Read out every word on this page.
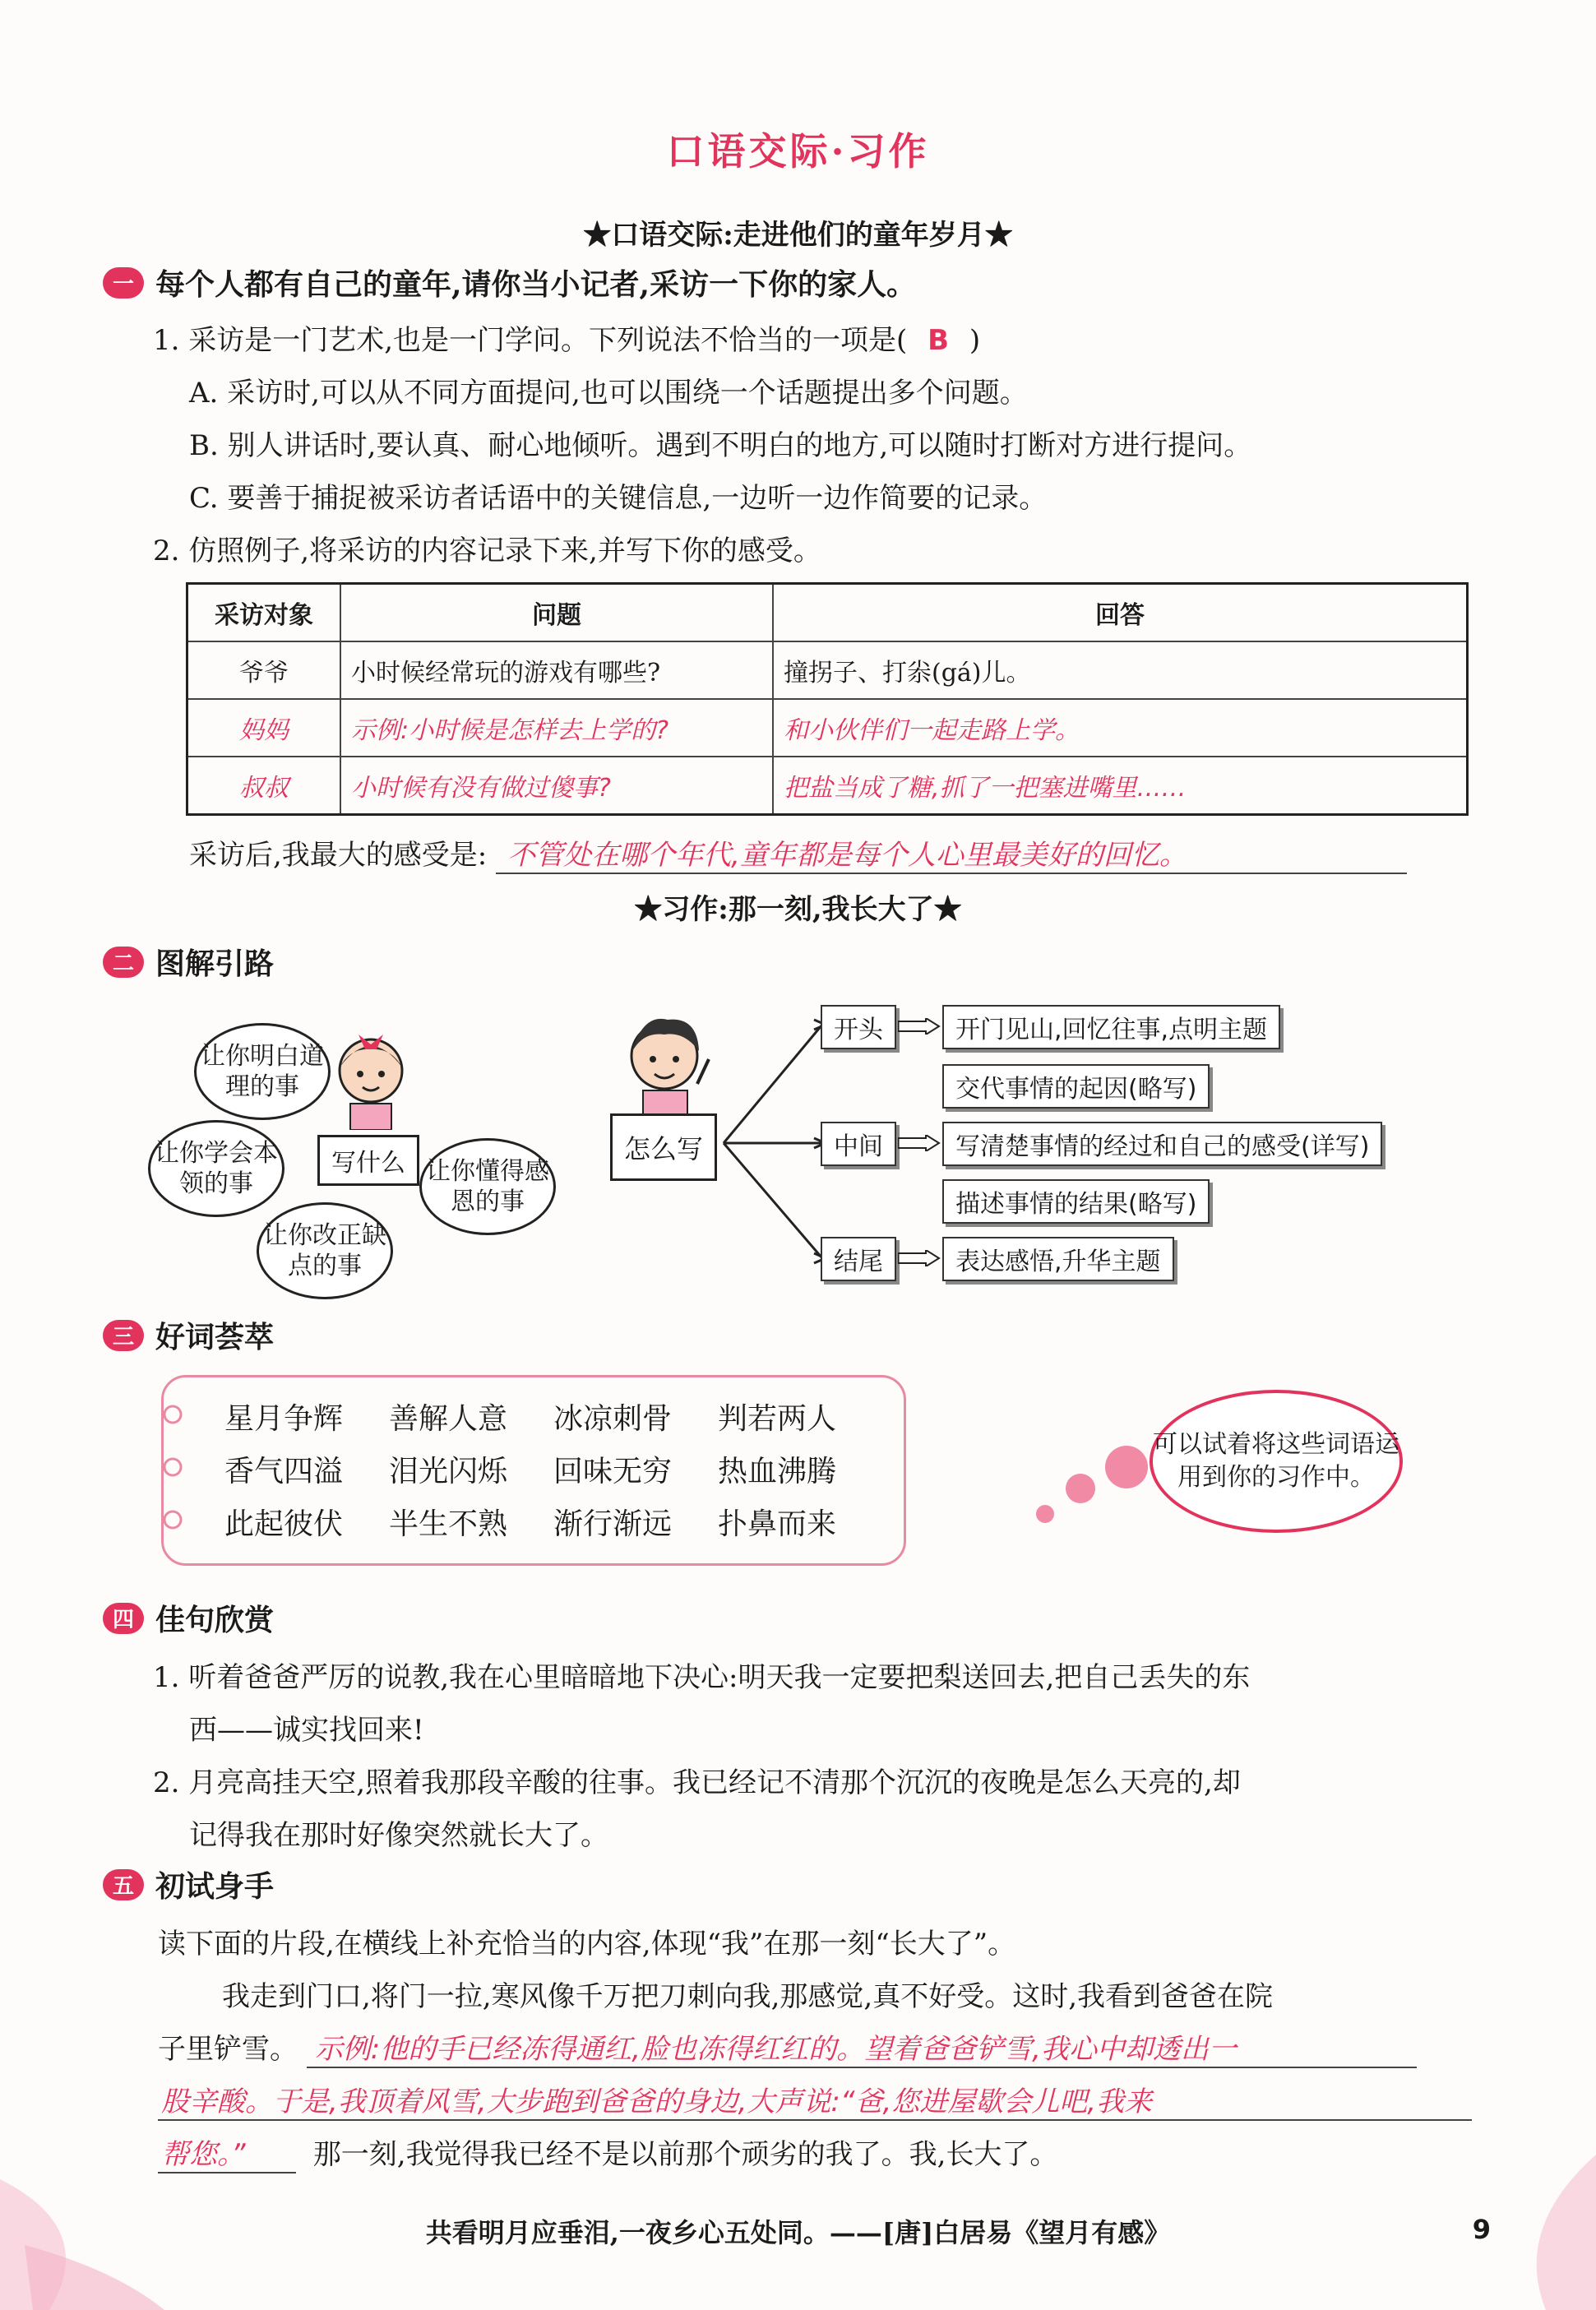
口语交际·习作
★口语交际:走进他们的童年岁月★
一 每个人都有自己的童年,请你当小记者,采访一下你的家人。
1. 采访是一门艺术,也是一门学问。下列说法不恰当的一项是( B )
A. 采访时,可以从不同方面提问,也可以围绕一个话题提出多个问题。
B. 别人讲话时,要认真、耐心地倾听。遇到不明白的地方,可以随时打断对方进行提问。
C. 要善于捕捉被采访者话语中的关键信息,一边听一边作简要的记录。
2. 仿照例子,将采访的内容记录下来,并写下你的感受。
采访对象	问题	回答
爷爷	小时候经常玩的游戏有哪些?	撞拐子、打尜(gá)儿。
妈妈	示例:小时候是怎样去上学的?	和小伙伴们一起走路上学。
叔叔	小时候有没有做过傻事?	把盐当成了糖,抓了一把塞进嘴里……
采访后,我最大的感受是: 不管处在哪个年代,童年都是每个人心里最美好的回忆。
★习作:那一刻,我长大了★
二 图解引路
让你明白道理的事
让你学会本领的事	让你懂得感恩的事
让你改正缺点的事
写什么	怎么写
开头	开门见山,回忆往事,点明主题
中间
交代事情的起因(略写)
写清楚事情的经过和自己的感受(详写)
描述事情的结果(略写)
结尾	表达感悟,升华主题
三 好词荟萃
星月争辉 善解人意 冰凉刺骨 判若两人
香气四溢 泪光闪烁 回味无穷 热血沸腾
此起彼伏 半生不熟 渐行渐远 扑鼻而来
可以试着将这些词语运用到你的习作中。
四 佳句欣赏
1. 听着爸爸严厉的说教,我在心里暗暗地下决心:明天我一定要把梨送回去,把自己丢失的东
西——诚实找回来!
2. 月亮高挂天空,照着我那段辛酸的往事。我已经记不清那个沉沉的夜晚是怎么天亮的,却
记得我在那时好像突然就长大了。
五 初试身手
读下面的片段,在横线上补充恰当的内容,体现“我”在那一刻“长大了”。
我走到门口,将门一拉,寒风像千万把刀刺向我,那感觉,真不好受。这时,我看到爸爸在院
子里铲雪。 示例:他的手已经冻得通红,脸也冻得红红的。望着爸爸铲雪,我心中却透出一
股辛酸。于是,我顶着风雪,大步跑到爸爸的身边,大声说:“爸,您进屋歇会儿吧,我来
帮您。” 那一刻,我觉得我已经不是以前那个顽劣的我了。我,长大了。
共看明月应垂泪,一夜乡心五处同。——[唐]白居易《望月有感》	9
